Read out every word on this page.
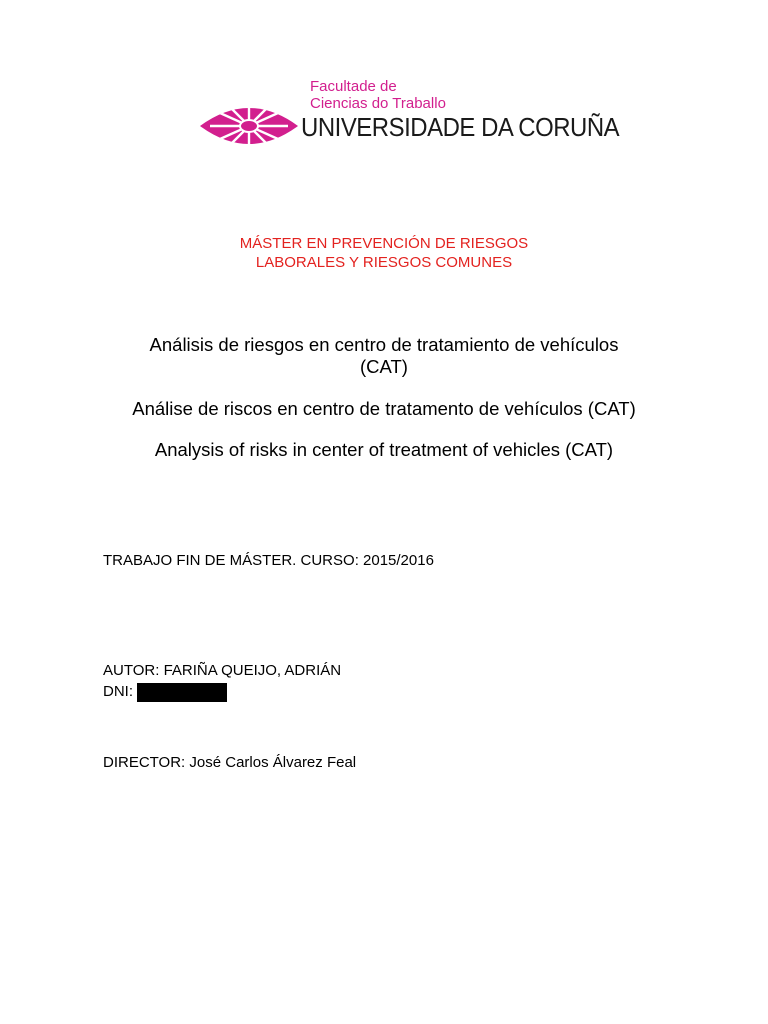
Facultade de
Ciencias do Traballo
UNIVERSIDADE DA CORUÑA
MÁSTER EN PREVENCIÓN DE RIESGOS
LABORALES Y RIESGOS COMUNES
Análisis de riesgos en centro de tratamiento de vehículos
(CAT)
Análise de riscos en centro de tratamento de vehículos (CAT)
Analysis of risks in center of treatment of vehicles (CAT)
TRABAJO FIN DE MÁSTER. CURSO: 2015/2016
AUTOR: FARIÑA QUEIJO, ADRIÁN
DNI:
DIRECTOR: José Carlos Álvarez Feal
